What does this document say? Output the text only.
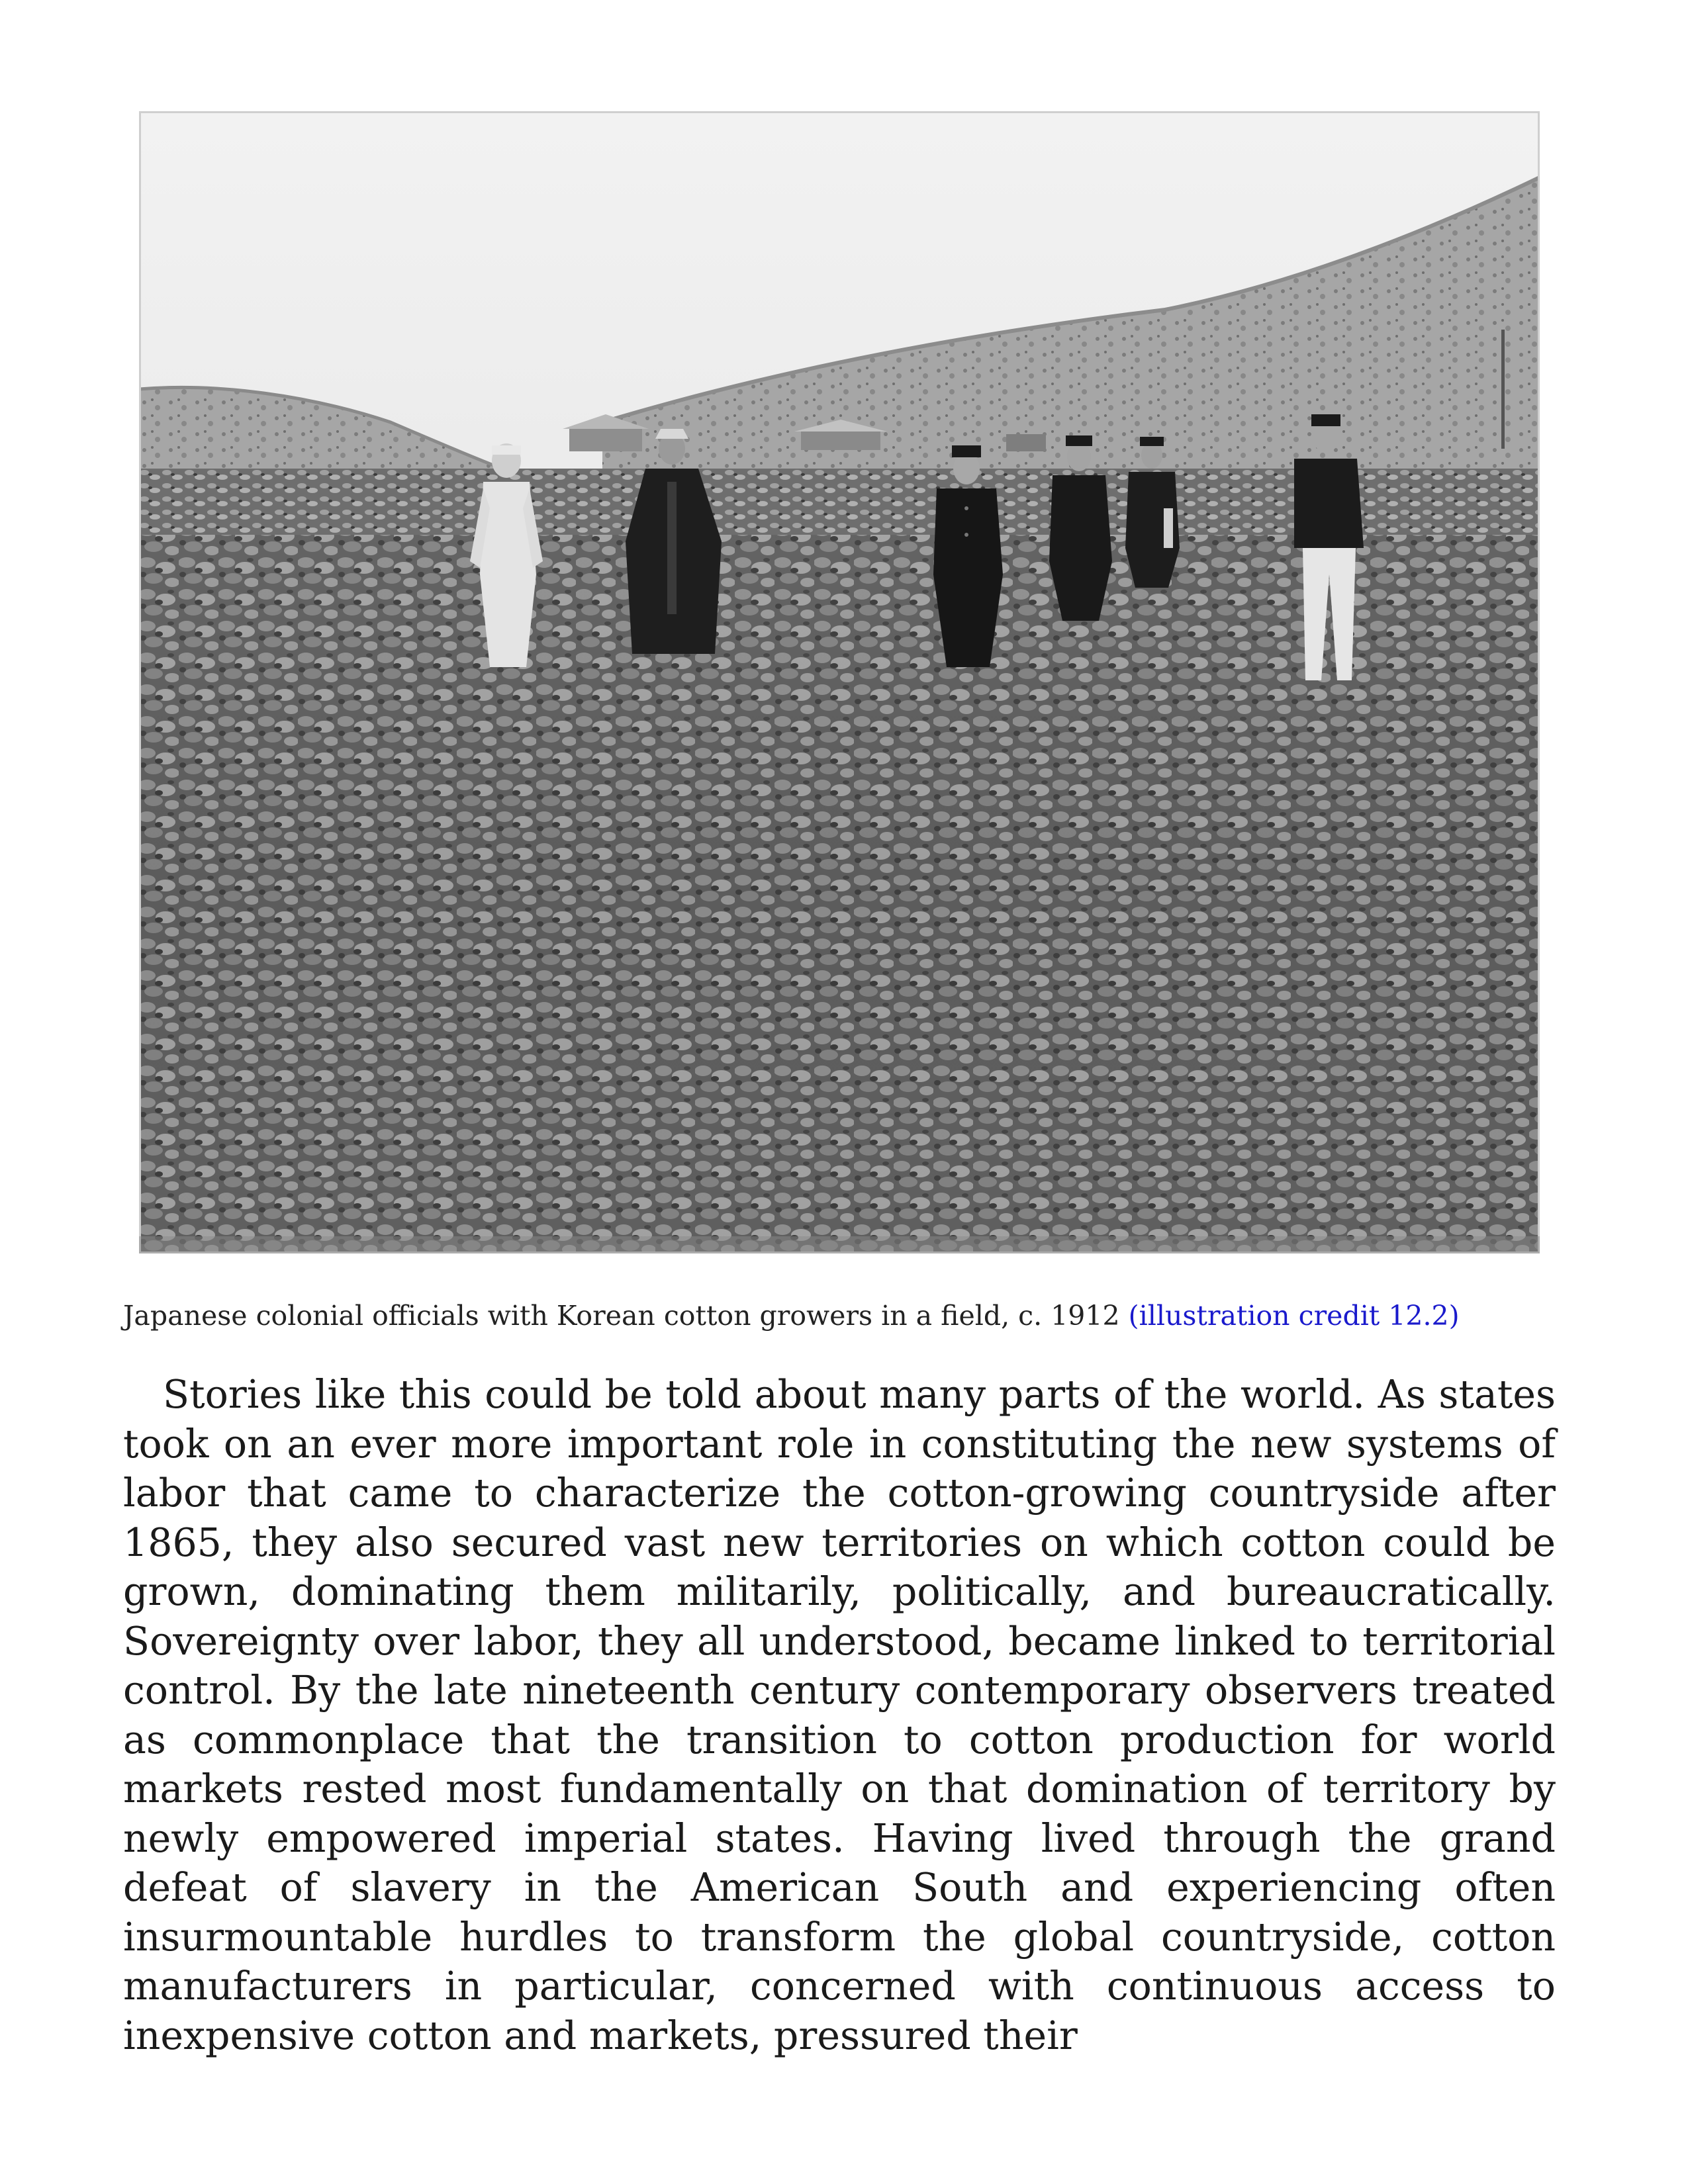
Japanese colonial officials with Korean cotton growers in a field, c. 1912 (illustration credit 12.2)

Stories like this could be told about many parts of the world. As states took on an ever more important role in constituting the new systems of labor that came to characterize the cotton-growing countryside after 1865, they also secured vast new territories on which cotton could be grown, dominating them militarily, politically, and bureaucratically. Sovereignty over labor, they all understood, became linked to territorial control. By the late nineteenth century contemporary observers treated as commonplace that the transition to cotton production for world markets rested most fundamentally on that domination of territory by newly empowered imperial states. Having lived through the grand defeat of slavery in the American South and experiencing often insurmountable hurdles to transform the global countryside, cotton manufacturers in particular, concerned with continuous access to inexpensive cotton and markets, pressured their
